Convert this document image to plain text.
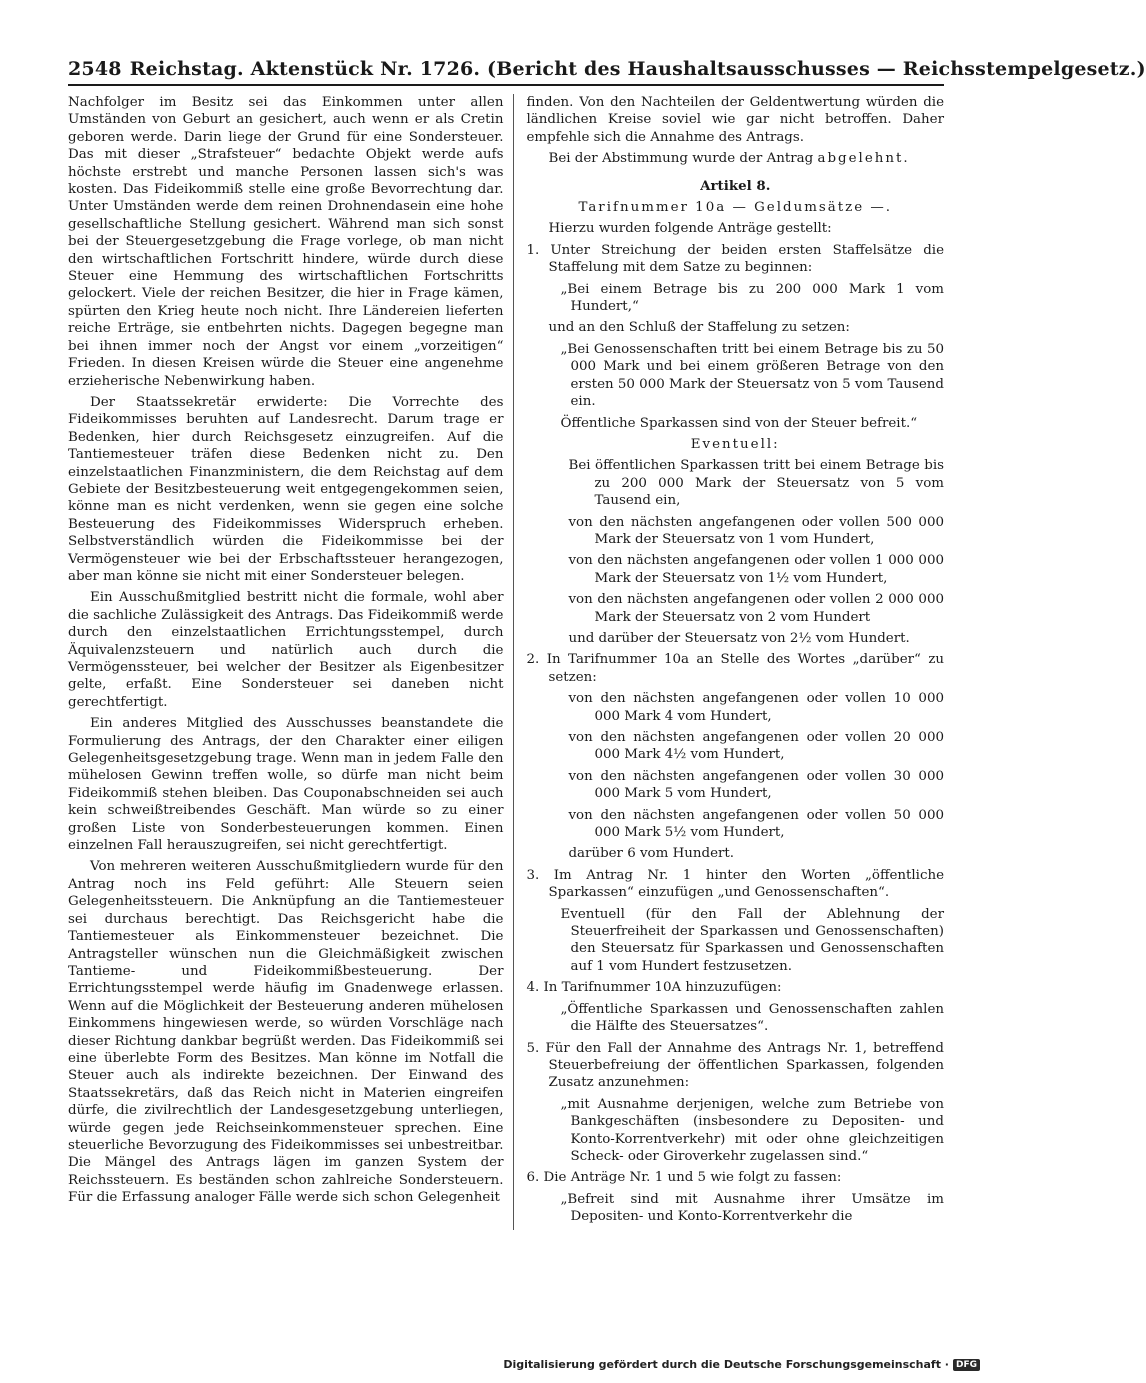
2548 Reichstag. Aktenstück Nr. 1726. (Bericht des Haushaltsausschusses — Reichsstempelgesetz.)

Nachfolger im Besitz sei das Einkommen unter allen Umständen von Geburt an gesichert, auch wenn er als Cretin geboren werde. Darin liege der Grund für eine Sondersteuer. Das mit dieser „Strafsteuer“ bedachte Objekt werde aufs höchste erstrebt und manche Personen lassen sich's was kosten. Das Fideikommiß stelle eine große Bevorrechtung dar. Unter Umständen werde dem reinen Drohnendasein eine hohe gesellschaftliche Stellung gesichert. Während man sich sonst bei der Steuergesetzgebung die Frage vorlege, ob man nicht den wirtschaftlichen Fortschritt hindere, würde durch diese Steuer eine Hemmung des wirtschaftlichen Fortschritts gelockert. Viele der reichen Besitzer, die hier in Frage kämen, spürten den Krieg heute noch nicht. Ihre Ländereien lieferten reiche Erträge, sie entbehrten nichts. Dagegen begegne man bei ihnen immer noch der Angst vor einem „vorzeitigen“ Frieden. In diesen Kreisen würde die Steuer eine angenehme erzieherische Nebenwirkung haben.

Der Staatssekretär erwiderte: Die Vorrechte des Fideikommisses beruhten auf Landesrecht. Darum trage er Bedenken, hier durch Reichsgesetz einzugreifen. Auf die Tantiemesteuer träfen diese Bedenken nicht zu. Den einzelstaatlichen Finanzministern, die dem Reichstag auf dem Gebiete der Besitzbesteuerung weit entgegengekommen seien, könne man es nicht verdenken, wenn sie gegen eine solche Besteuerung des Fideikommisses Widerspruch erheben. Selbstverständlich würden die Fideikommisse bei der Vermögensteuer wie bei der Erbschaftssteuer herangezogen, aber man könne sie nicht mit einer Sondersteuer belegen.

Ein Ausschußmitglied bestritt nicht die formale, wohl aber die sachliche Zulässigkeit des Antrags. Das Fideikommiß werde durch den einzelstaatlichen Errichtungsstempel, durch Äquivalenzsteuern und natürlich auch durch die Vermögenssteuer, bei welcher der Besitzer als Eigenbesitzer gelte, erfaßt. Eine Sondersteuer sei daneben nicht gerechtfertigt.

Ein anderes Mitglied des Ausschusses beanstandete die Formulierung des Antrags, der den Charakter einer eiligen Gelegenheitsgesetzgebung trage. Wenn man in jedem Falle den mühelosen Gewinn treffen wolle, so dürfe man nicht beim Fideikommiß stehen bleiben. Das Couponabschneiden sei auch kein schweißtreibendes Geschäft. Man würde so zu einer großen Liste von Sonderbesteuerungen kommen. Einen einzelnen Fall herauszugreifen, sei nicht gerechtfertigt.

Von mehreren weiteren Ausschußmitgliedern wurde für den Antrag noch ins Feld geführt: Alle Steuern seien Gelegenheitssteuern. Die Anknüpfung an die Tantiemesteuer sei durchaus berechtigt. Das Reichsgericht habe die Tantiemesteuer als Einkommensteuer bezeichnet. Die Antragsteller wünschen nun die Gleichmäßigkeit zwischen Tantieme- und Fideikommißbesteuerung. Der Errichtungsstempel werde häufig im Gnadenwege erlassen. Wenn auf die Möglichkeit der Besteuerung anderen mühelosen Einkommens hingewiesen werde, so würden Vorschläge nach dieser Richtung dankbar begrüßt werden. Das Fideikommiß sei eine überlebte Form des Besitzes. Man könne im Notfall die Steuer auch als indirekte bezeichnen. Der Einwand des Staatssekretärs, daß das Reich nicht in Materien eingreifen dürfe, die zivilrechtlich der Landesgesetzgebung unterliegen, würde gegen jede Reichseinkommensteuer sprechen. Eine steuerliche Bevorzugung des Fideikommisses sei unbestreitbar. Die Mängel des Antrags lägen im ganzen System der Reichssteuern. Es beständen schon zahlreiche Sondersteuern. Für die Erfassung analoger Fälle werde sich schon Gelegenheit

finden. Von den Nachteilen der Geldentwertung würden die ländlichen Kreise soviel wie gar nicht betroffen. Daher empfehle sich die Annahme des Antrags.

Bei der Abstimmung wurde der Antrag abgelehnt.

Artikel 8.

Tarifnummer 10a — Geldumsätze —.

Hierzu wurden folgende Anträge gestellt:

1. Unter Streichung der beiden ersten Staffelsätze die Staffelung mit dem Satze zu beginnen:

„Bei einem Betrage bis zu 200 000 Mark 1 vom Hundert,“

und an den Schluß der Staffelung zu setzen:

„Bei Genossenschaften tritt bei einem Betrage bis zu 50 000 Mark und bei einem größeren Betrage von den ersten 50 000 Mark der Steuersatz von 5 vom Tausend ein.

Öffentliche Sparkassen sind von der Steuer befreit.“

Eventuell:

Bei öffentlichen Sparkassen tritt bei einem Betrage bis zu 200 000 Mark der Steuersatz von 5 vom Tausend ein,

von den nächsten angefangenen oder vollen 500 000 Mark der Steuersatz von 1 vom Hundert,

von den nächsten angefangenen oder vollen 1 000 000 Mark der Steuersatz von 1½ vom Hundert,

von den nächsten angefangenen oder vollen 2 000 000 Mark der Steuersatz von 2 vom Hundert

und darüber der Steuersatz von 2½ vom Hundert.

2. In Tarifnummer 10a an Stelle des Wortes „darüber“ zu setzen:

von den nächsten angefangenen oder vollen 10 000 000 Mark 4 vom Hundert,

von den nächsten angefangenen oder vollen 20 000 000 Mark 4½ vom Hundert,

von den nächsten angefangenen oder vollen 30 000 000 Mark 5 vom Hundert,

von den nächsten angefangenen oder vollen 50 000 000 Mark 5½ vom Hundert,

darüber 6 vom Hundert.

3. Im Antrag Nr. 1 hinter den Worten „öffentliche Sparkassen“ einzufügen „und Genossenschaften“.

Eventuell (für den Fall der Ablehnung der Steuerfreiheit der Sparkassen und Genossenschaften) den Steuersatz für Sparkassen und Genossenschaften auf 1 vom Hundert festzusetzen.

4. In Tarifnummer 10A hinzuzufügen:

„Öffentliche Sparkassen und Genossenschaften zahlen die Hälfte des Steuersatzes“.

5. Für den Fall der Annahme des Antrags Nr. 1, betreffend Steuerbefreiung der öffentlichen Sparkassen, folgenden Zusatz anzunehmen:

„mit Ausnahme derjenigen, welche zum Betriebe von Bankgeschäften (insbesondere zu Depositen- und Konto-Korrentverkehr) mit oder ohne gleichzeitigen Scheck- oder Giroverkehr zugelassen sind.“

6. Die Anträge Nr. 1 und 5 wie folgt zu fassen:

„Befreit sind mit Ausnahme ihrer Umsätze im Depositen- und Konto-Korrentverkehr die

Digitalisierung gefördert durch die Deutsche Forschungsgemeinschaft · DFG
